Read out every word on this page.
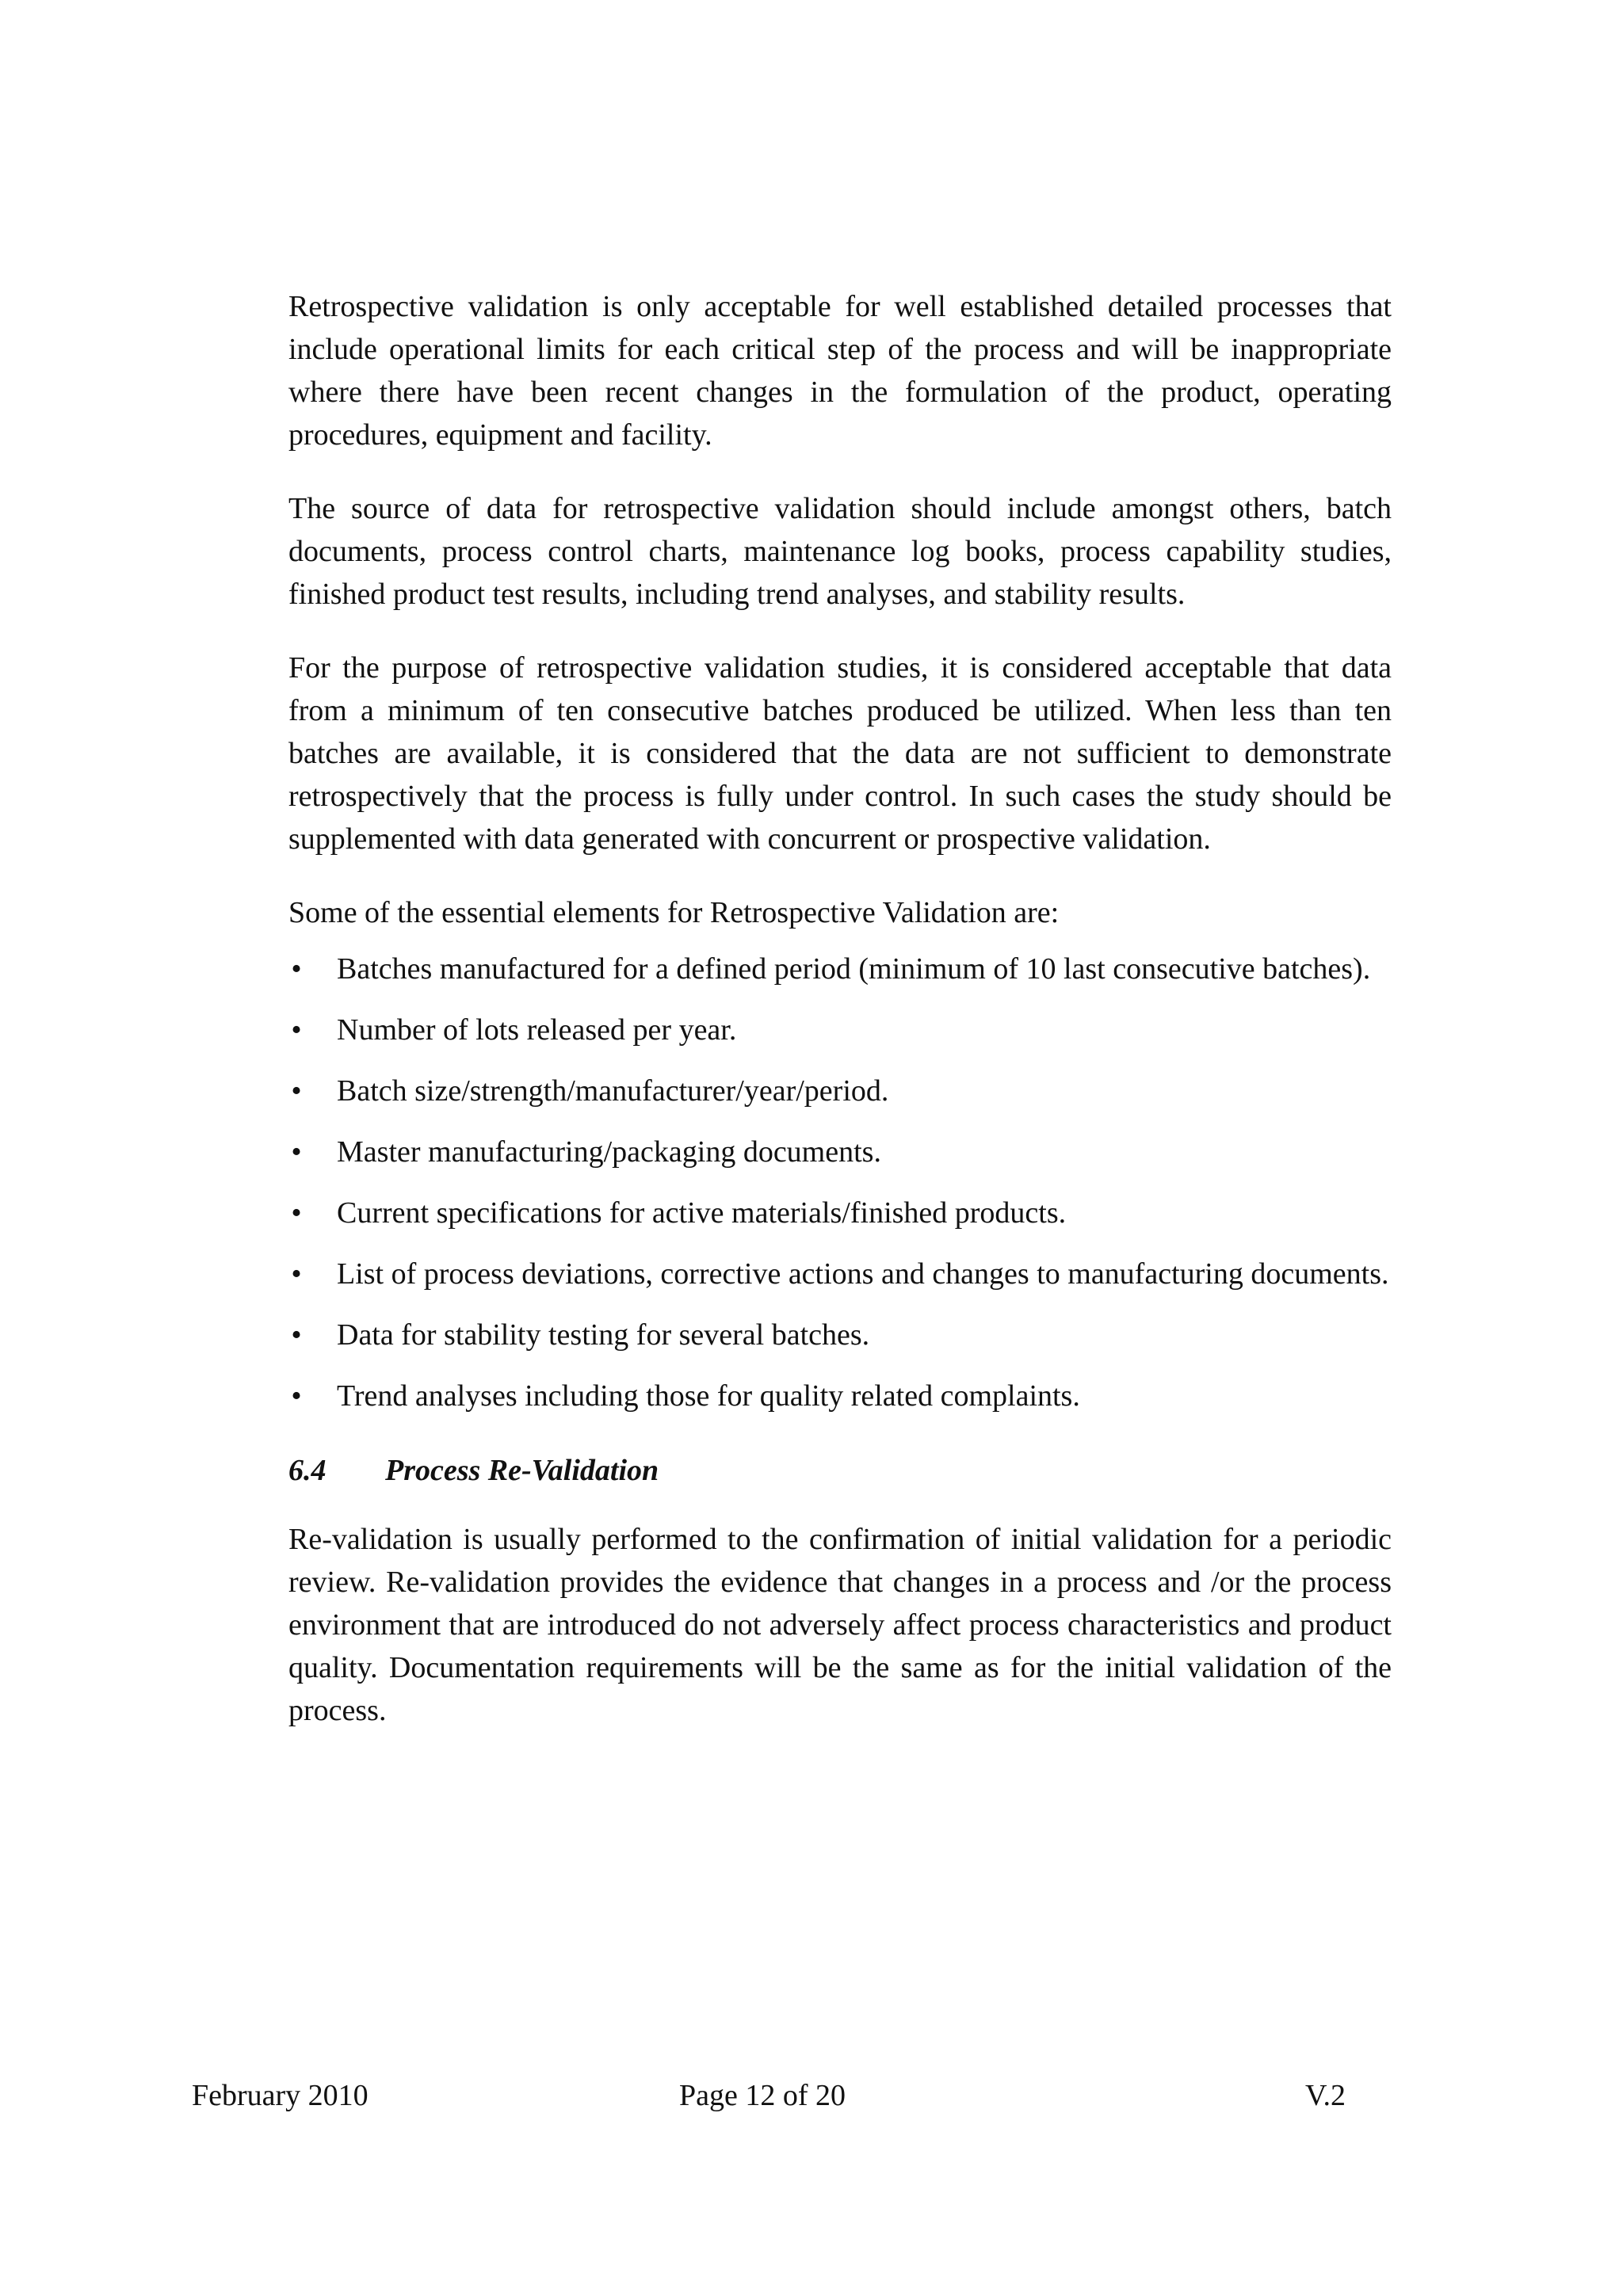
Retrospective validation is only acceptable for well established detailed processes that include operational limits for each critical step of the process and will be inappropriate where there have been recent changes in the formulation of the product, operating procedures, equipment and facility.

The source of data for retrospective validation should include amongst others, batch documents, process control charts, maintenance log books, process capability studies, finished product test results, including trend analyses, and stability results.

For the purpose of retrospective validation studies, it is considered acceptable that data from a minimum of ten consecutive batches produced be utilized. When less than ten batches are available, it is considered that the data are not sufficient to demonstrate retrospectively that the process is fully under control. In such cases the study should be supplemented with data generated with concurrent or prospective validation.

Some of the essential elements for Retrospective Validation are:

• Batches manufactured for a defined period (minimum of 10 last consecutive batches).
• Number of lots released per year.
• Batch size/strength/manufacturer/year/period.
• Master manufacturing/packaging documents.
• Current specifications for active materials/finished products.
• List of process deviations, corrective actions and changes to manufacturing documents.
• Data for stability testing for several batches.
• Trend analyses including those for quality related complaints.
6.4	Process Re-Validation

Re-validation is usually performed to the confirmation of initial validation for a periodic review. Re-validation provides the evidence that changes in a process and /or the process environment that are introduced do not adversely affect process characteristics and product quality. Documentation requirements will be the same as for the initial validation of the process.

February 2010	Page 12 of 20	V.2
